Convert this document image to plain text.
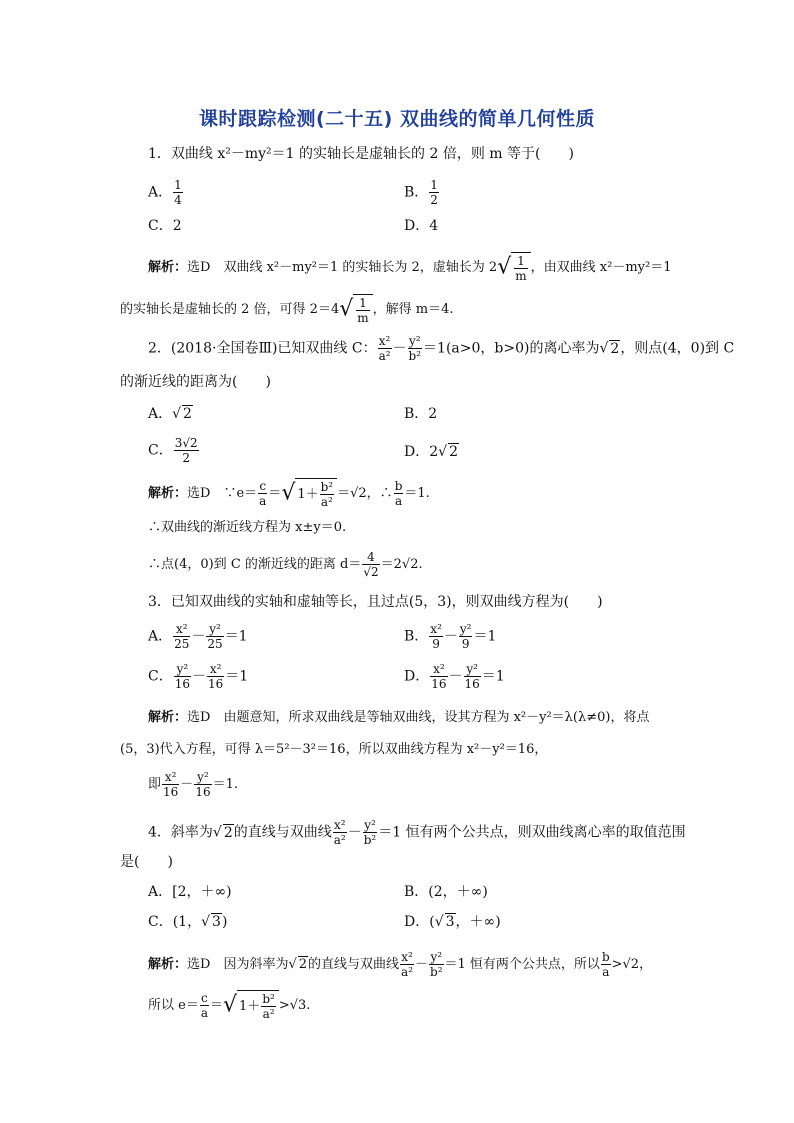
课时跟踪检测(二十五) 双曲线的简单几何性质
1．双曲线 x²－my²＝1 的实轴长是虚轴长的 2 倍，则 m 等于(　　)
A． $\frac{1}{4}$	B． $\frac{1}{2}$
C．2	D．4
解析：选D　双曲线 x²－my²＝1 的实轴长为 2，虚轴长为 $2√ \frac{1}{m}$ ，由双曲线 x²－my²＝1
的实轴长是虚轴长的 2 倍，可得 $2=4√ \frac{1}{m}$ ，解得 m＝4.
2．(2018·全国卷Ⅲ)已知双曲线 C： $\frac{\text{x²}}{\text{a²}} - \frac{\text{y²}}{\text{b²}} =1(a>0$，b>0)的离心率为√ 2，则点(4，0)到 C
的渐近线的距离为(　　)
A．√ 2	B．2
C． $\frac{3√2}{2}$	D．2√ 2
解析：选D　∵e＝ $\frac{c}{a}$ ＝√ $1+ \frac{\text{b²}}{\text{a²}} =√2$，∴ $\frac{b}{a} =1$.
∴双曲线的渐近线方程为 x±y＝0.
∴点(4，0)到 C 的渐近线的距离 $d= \frac{4}{√2} =2√2$.
3．已知双曲线的实轴和虚轴等长，且过点(5，3)，则双曲线方程为(　　)
A． $\frac{\text{x²}}{25} - \frac{\text{y²}}{25} =1$	B． $\frac{\text{x²}}{9} - \frac{\text{y²}}{9} =1$
C． $\frac{\text{y²}}{16} - \frac{\text{x²}}{16} =1$	D． $\frac{\text{x²}}{16} - \frac{\text{y²}}{16} =1$
解析：选D　由题意知，所求双曲线是等轴双曲线，设其方程为 x²－y²＝λ(λ≠0)，将点
(5，3)代入方程，可得 λ＝5²－3²＝16，所以双曲线方程为 x²－y²＝16，
即 $\frac{\text{x²}}{16} - \frac{\text{y²}}{16} =1$.
4．斜率为√ 2的直线与双曲线 $\frac{\text{x²}}{\text{a²}} - \frac{\text{y²}}{\text{b²}} =1$ 恒有两个公共点，则双曲线离心率的取值范围
是(　　)
A．[2，＋∞)	B．(2，＋∞)
C．(1，√ 3)	D．(√ 3，＋∞)
解析：选D　因为斜率为√ 2的直线与双曲线 $\frac{\text{x²}}{\text{a²}} - \frac{\text{y²}}{\text{b²}} =1$ 恒有两个公共点，所以 $\frac{b}{a} >√2$，
所以 $e= \frac{c}{a}$ ＝√ $1+ \frac{\text{b²}}{\text{a²}} >√3$.
